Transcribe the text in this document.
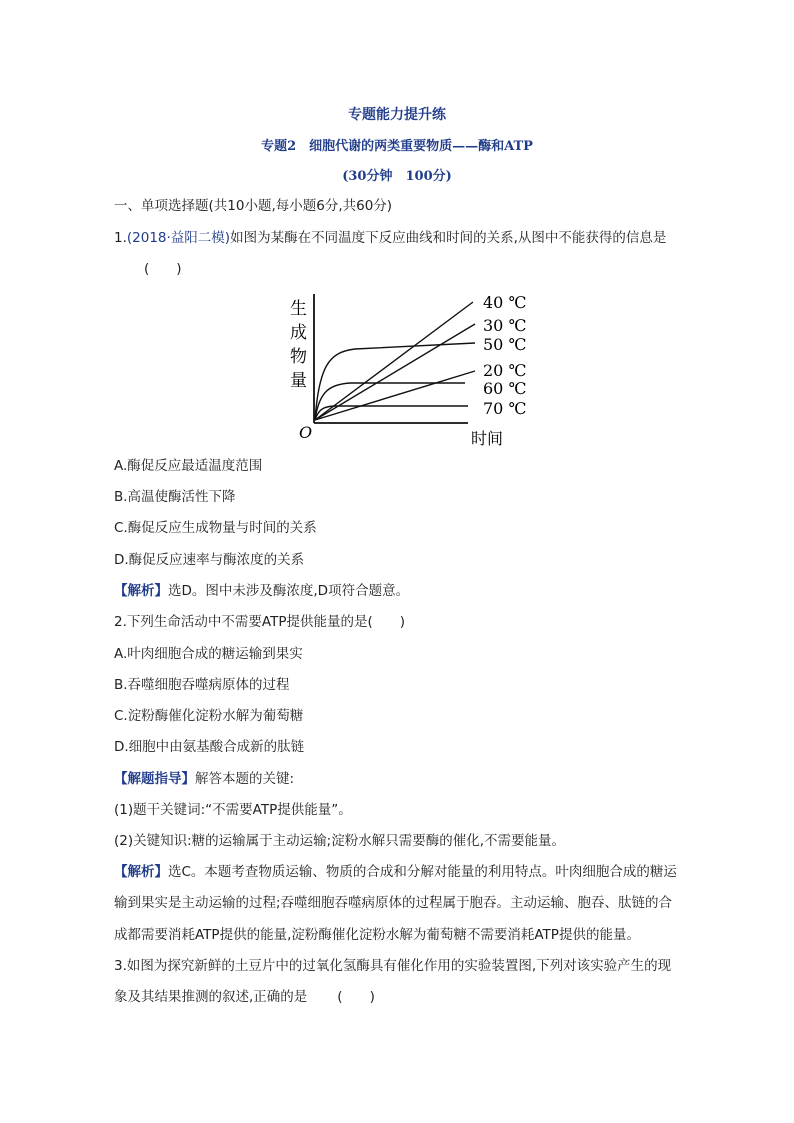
专题能力提升练
专题2　细胞代谢的两类重要物质——酶和ATP
(30分钟　100分)
一、单项选择题(共10小题,每小题6分,共60分)
1.(2018·益阳二模)如图为某酶在不同温度下反应曲线和时间的关系,从图中不能获得的信息是
(　　)
生
成
物
量
O	时间
40 ℃
30 ℃
50 ℃
20 ℃
60 ℃
70 ℃
A.酶促反应最适温度范围
B.高温使酶活性下降
C.酶促反应生成物量与时间的关系
D.酶促反应速率与酶浓度的关系
【解析】选D。图中未涉及酶浓度,D项符合题意。
2.下列生命活动中不需要ATP提供能量的是(　　)
A.叶肉细胞合成的糖运输到果实
B.吞噬细胞吞噬病原体的过程
C.淀粉酶催化淀粉水解为葡萄糖
D.细胞中由氨基酸合成新的肽链
【解题指导】解答本题的关键:
(1)题干关键词:“不需要ATP提供能量”。
(2)关键知识:糖的运输属于主动运输;淀粉水解只需要酶的催化,不需要能量。
【解析】选C。本题考查物质运输、物质的合成和分解对能量的利用特点。叶肉细胞合成的糖运
输到果实是主动运输的过程;吞噬细胞吞噬病原体的过程属于胞吞。主动运输、胞吞、肽链的合
成都需要消耗ATP提供的能量,淀粉酶催化淀粉水解为葡萄糖不需要消耗ATP提供的能量。
3.如图为探究新鲜的土豆片中的过氧化氢酶具有催化作用的实验装置图,下列对该实验产生的现
象及其结果推测的叙述,正确的是 (　　)
